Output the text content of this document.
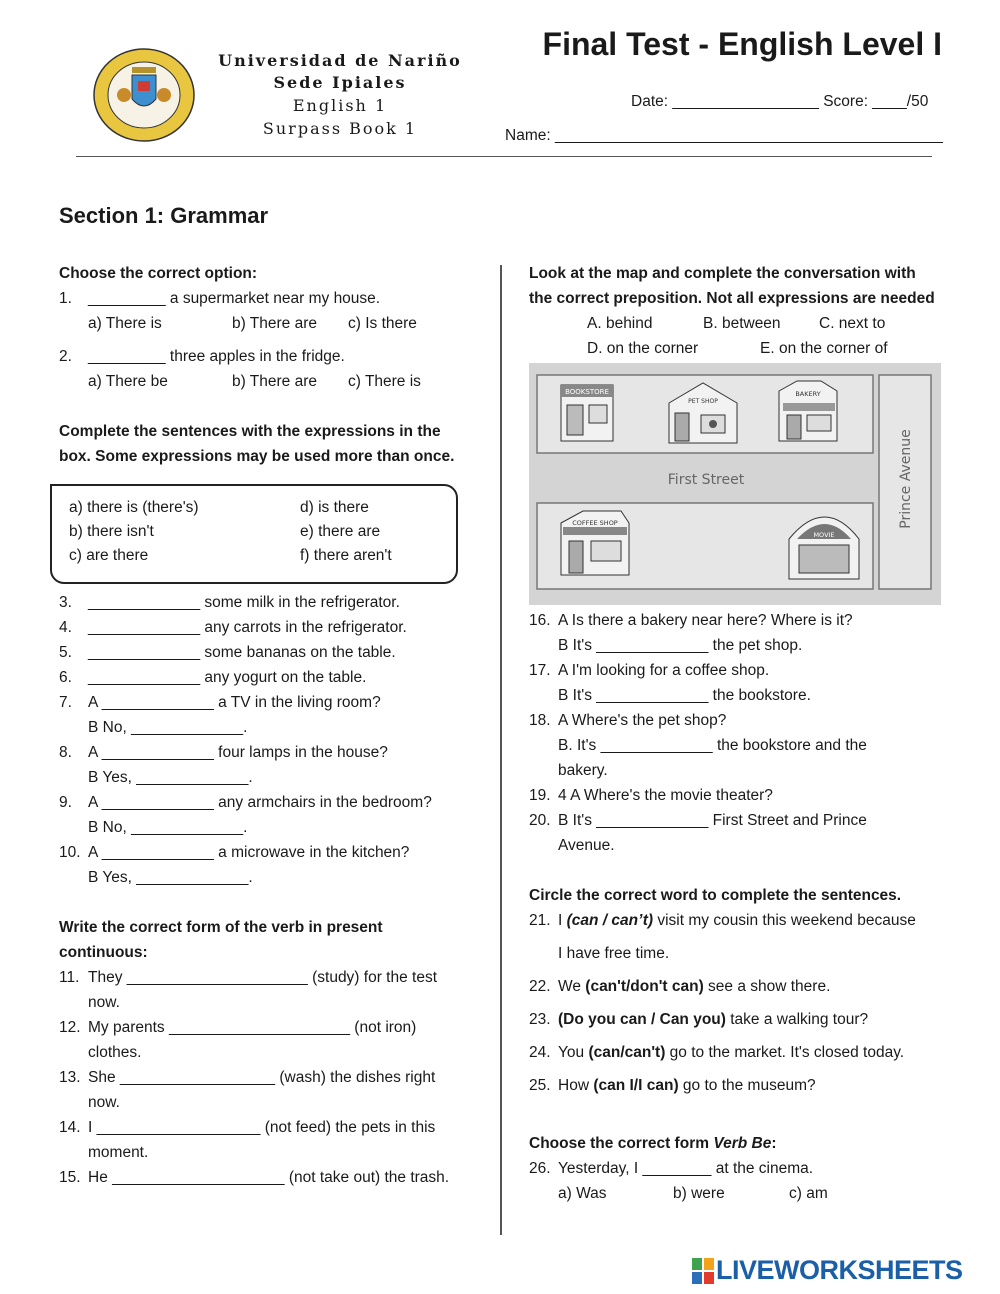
Universidad de Nariño
Sede Ipiales
English 1
Surpass Book 1
Final Test - English Level I
Date: _________________ Score: ____/50
Name: _____________________________________________
Section 1: Grammar
Choose the correct option:
1. _________ a supermarket near my house.
a) There is	b) There are c) Is there
2. _________ three apples in the fridge.
a) There be	b) There are c) There is
Complete the sentences with the expressions in the
box. Some expressions may be used more than once.
a) there is (there's)
b) there isn't
c) are there
d) is there
e) there are
f) there aren't
3. _____________ some milk in the refrigerator.
4. _____________ any carrots in the refrigerator.
5. _____________ some bananas on the table.
6. _____________ any yogurt on the table.
7. A _____________ a TV in the living room?
B No, _____________.
8. A _____________ four lamps in the house?
B Yes, _____________.
9. A _____________ any armchairs in the bedroom?
B No, _____________.
10. A _____________ a microwave in the kitchen?
B Yes, _____________.
Write the correct form of the verb in present
continuous:
11. They _____________________ (study) for the test
now.
12. My parents _____________________ (not iron)
clothes.
13. She __________________ (wash) the dishes right
now.
14. I ___________________ (not feed) the pets in this
moment.
15. He ____________________ (not take out) the trash.
Look at the map and complete the conversation with
the correct preposition. Not all expressions are needed
A. behind	B. between C. next to
D. on the corner	E. on the corner of
BOOKSTORE
PET SHOP
BAKERY
COFFEE SHOP
MOVIE
First Street	Prince Avenue
16. A Is there a bakery near here? Where is it?
B It's _____________ the pet shop.
17. A I'm looking for a coffee shop.
B It's _____________ the bookstore.
18. A Where's the pet shop?
B. It's _____________ the bookstore and the
bakery.
19. 4 A Where's the movie theater?
20. B It's _____________ First Street and Prince
Avenue.
Circle the correct word to complete the sentences.
21. I (can / can’t) visit my cousin this weekend because
I have free time.
22. We (can't/don't can) see a show there.
23. (Do you can / Can you) take a walking tour?
24. You (can/can't) go to the market. It's closed today.
25. How (can I/I can) go to the museum?
Choose the correct form Verb Be:
26. Yesterday, I ________ at the cinema.
a) Was	b) were	c) am
LIVEWORKSHEETS
